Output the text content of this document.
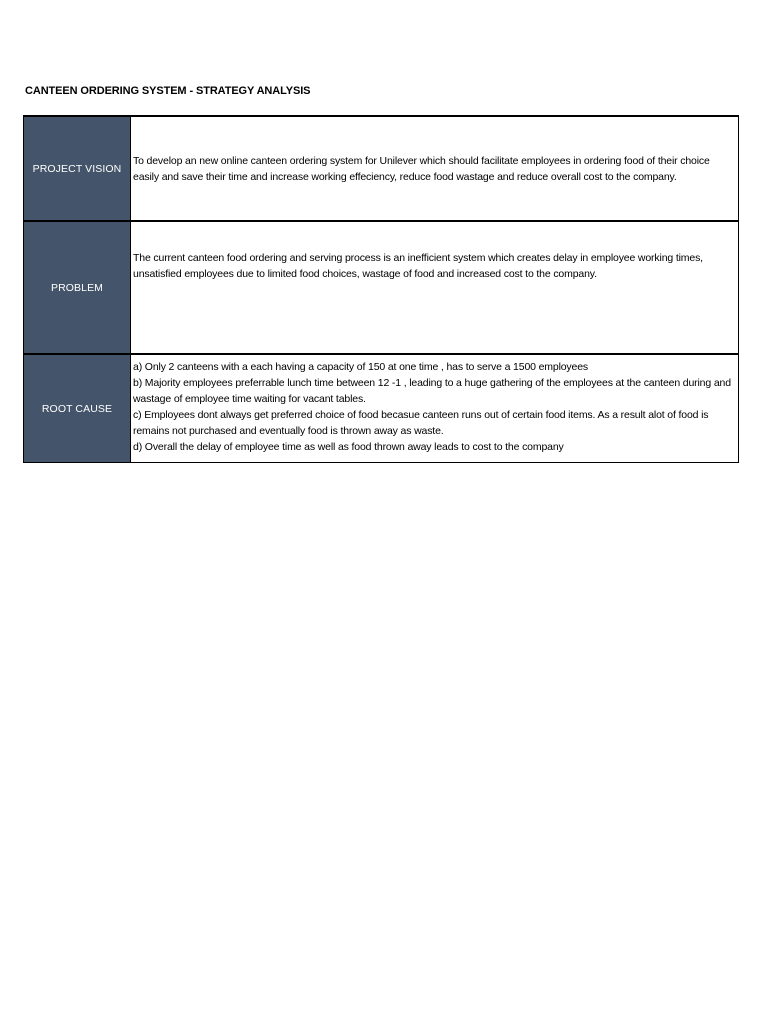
CANTEEN ORDERING SYSTEM - STRATEGY ANALYSIS
PROJECT VISION	To develop an new online canteen ordering system for Unilever which should facilitate employees in ordering food of their choice easily and save their time and increase working effeciency, reduce food wastage and reduce overall cost to the company.
PROBLEM	The current canteen food ordering and serving process is an inefficient system which creates delay in employee working times, unsatisfied employees due to limited food choices, wastage of food and increased cost to the company.
ROOT CAUSE	a) Only 2 canteens with a each having a capacity of 150 at one time , has to serve a 1500 employees
b) Majority employees preferrable lunch time between 12 -1 , leading to a huge gathering of the employees at the canteen during and wastage of employee time waiting for vacant tables.
c) Employees dont always get preferred choice of food becasue canteen runs out of certain food items. As a result alot of food is remains not purchased and eventually food is thrown away as waste.
d) Overall the delay of employee time as well as food thrown away leads to cost to the company
